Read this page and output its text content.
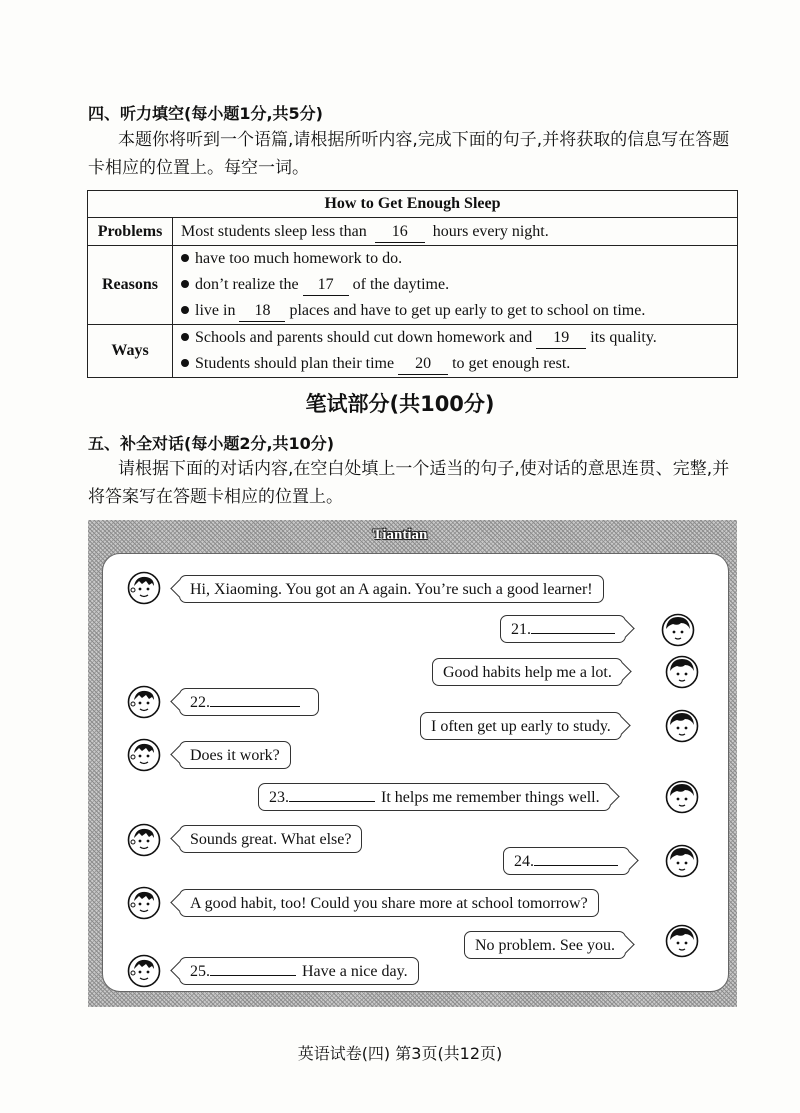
四、听力填空(每小题1分,共5分)
本题你将听到一个语篇,请根据所听内容,完成下面的句子,并将获取的信息写在答题卡相应的位置上。每空一词。
How to Get Enough Sleep	
Problems	Most students sleep less than 16 hours every night.

Reasons	have too much homework to do.
don’t realize the 17 of the daytime.
live in 18 places and have to get up early to get to school on time.

Ways	Schools and parents should cut down homework and 19 its quality.
Students should plan their time 20 to get enough rest.
笔试部分(共100分)
五、补全对话(每小题2分,共10分)
请根据下面的对话内容,在空白处填上一个适当的句子,使对话的意思连贯、完整,并将答案写在答题卡相应的位置上。
Tiantian
Hi, Xiaoming. You got an A again. You’re such a good learner!
21.
Good habits help me a lot.
22.
I often get up early to study.
Does it work?
23.	It helps me remember things well.
Sounds great. What else?
24.
A good habit, too! Could you share more at school tomorrow?
No problem. See you.
25.	Have a nice day.
英语试卷(四) 第3页(共12页)
